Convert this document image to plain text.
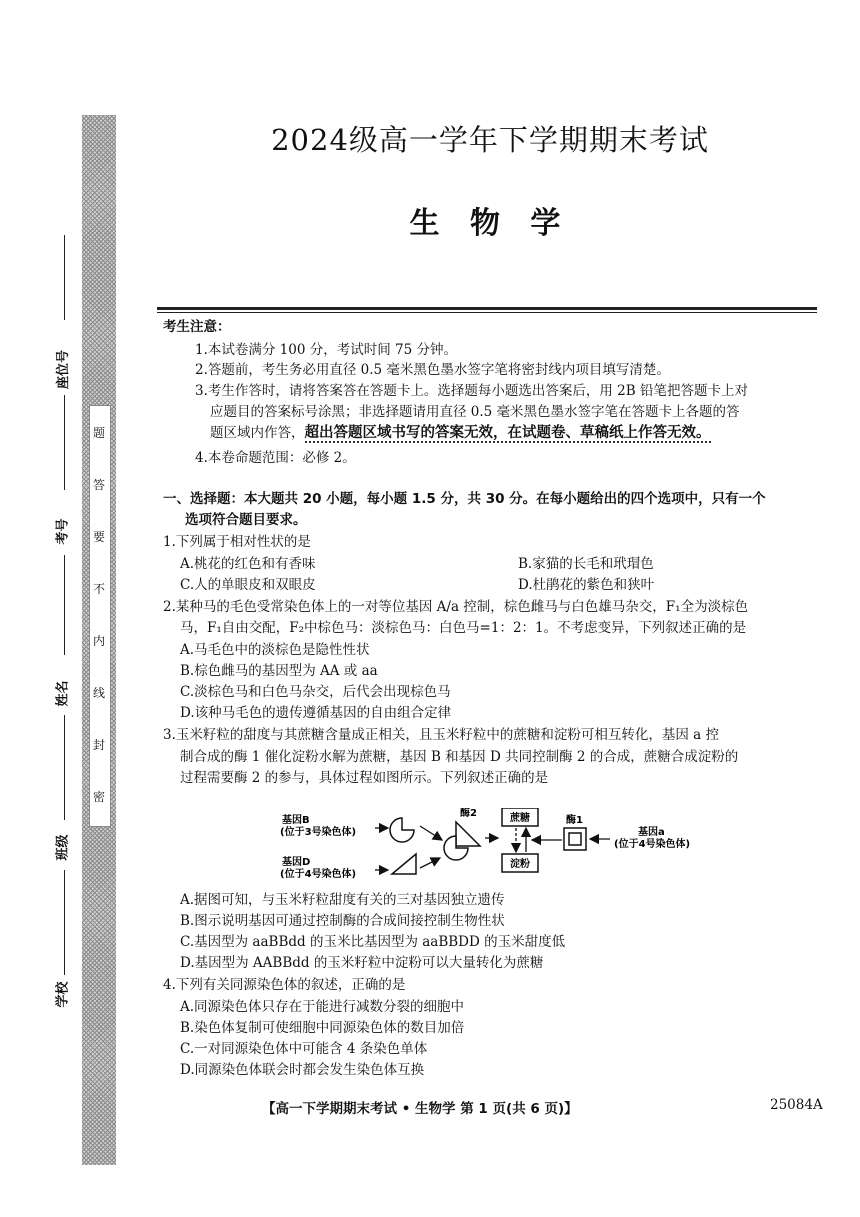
密
封
线
内
不
要
答
题
座位号
考号
姓名
班级
学校
2024级高一学年下学期期末考试
生 物 学
考生注意：
1.本试卷满分 100 分，考试时间 75 分钟。
2.答题前，考生务必用直径 0.5 毫米黑色墨水签字笔将密封线内项目填写清楚。
3.考生作答时，请将答案答在答题卡上。选择题每小题选出答案后，用 2B 铅笔把答题卡上对
应题目的答案标号涂黑；非选择题请用直径 0.5 毫米黑色墨水签字笔在答题卡上各题的答
题区域内作答，超出答题区域书写的答案无效，在试题卷、草稿纸上作答无效。
4.本卷命题范围：必修 2。
一、选择题：本大题共 20 小题，每小题 1.5 分，共 30 分。在每小题给出的四个选项中，只有一个
选项符合题目要求。
1.下列属于相对性状的是
A.桃花的红色和有香味	B.家猫的长毛和玳瑁色
C.人的单眼皮和双眼皮	D.杜鹃花的紫色和狭叶
2.某种马的毛色受常染色体上的一对等位基因 A/a 控制，棕色雌马与白色雄马杂交，F₁全为淡棕色
马，F₁自由交配，F₂中棕色马：淡棕色马：白色马=1：2：1。不考虑变异，下列叙述正确的是
A.马毛色中的淡棕色是隐性性状
B.棕色雌马的基因型为 AA 或 aa
C.淡棕色马和白色马杂交，后代会出现棕色马
D.该种马毛色的遗传遵循基因的自由组合定律
3.玉米籽粒的甜度与其蔗糖含量成正相关，且玉米籽粒中的蔗糖和淀粉可相互转化，基因 a 控
制合成的酶 1 催化淀粉水解为蔗糖，基因 B 和基因 D 共同控制酶 2 的合成，蔗糖合成淀粉的
过程需要酶 2 的参与，具体过程如图所示。下列叙述正确的是
基因B
(位于3号染色体)
基因D
(位于4号染色体)
酶2	蔗糖
淀粉
酶1
基因a
(位于4号染色体)
A.据图可知，与玉米籽粒甜度有关的三对基因独立遗传
B.图示说明基因可通过控制酶的合成间接控制生物性状
C.基因型为 aaBBdd 的玉米比基因型为 aaBBDD 的玉米甜度低
D.基因型为 AABBdd 的玉米籽粒中淀粉可以大量转化为蔗糖
4.下列有关同源染色体的叙述，正确的是
A.同源染色体只存在于能进行减数分裂的细胞中
B.染色体复制可使细胞中同源染色体的数目加倍
C.一对同源染色体中可能含 4 条染色单体
D.同源染色体联会时都会发生染色体互换
【高一下学期期末考试 • 生物学 第 1 页(共 6 页)】	25084A
